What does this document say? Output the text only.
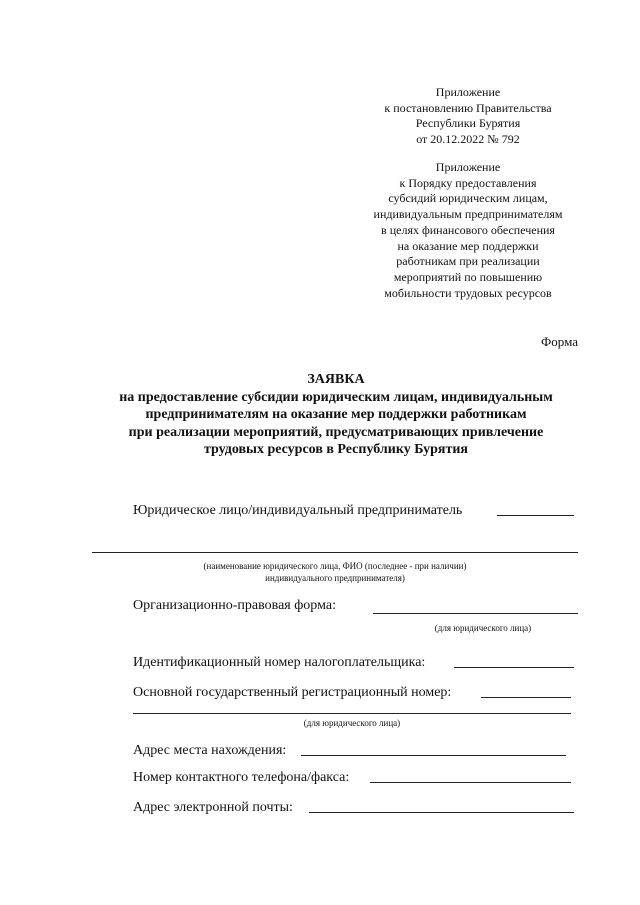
Приложение
к постановлению Правительства
Республики Бурятия
от 20.12.2022 № 792
Приложение
к Порядку предоставления
субсидий юридическим лицам,
индивидуальным предпринимателям
в целях финансового обеспечения
на оказание мер поддержки
работникам при реализации
мероприятий по повышению
мобильности трудовых ресурсов
Форма
ЗАЯВКА
на предоставление субсидии юридическим лицам, индивидуальным
предпринимателям на оказание мер поддержки работникам
при реализации мероприятий, предусматривающих привлечение
трудовых ресурсов в Республику Бурятия
Юридическое лицо/индивидуальный предприниматель
(наименование юридического лица, ФИО (последнее - при наличии)
индивидуального предпринимателя)
Организационно-правовая форма:
(для юридического лица)
Идентификационный номер налогоплательщика:
Основной государственный регистрационный номер:
(для юридического лица)
Адрес места нахождения:
Номер контактного телефона/факса:
Адрес электронной почты:
